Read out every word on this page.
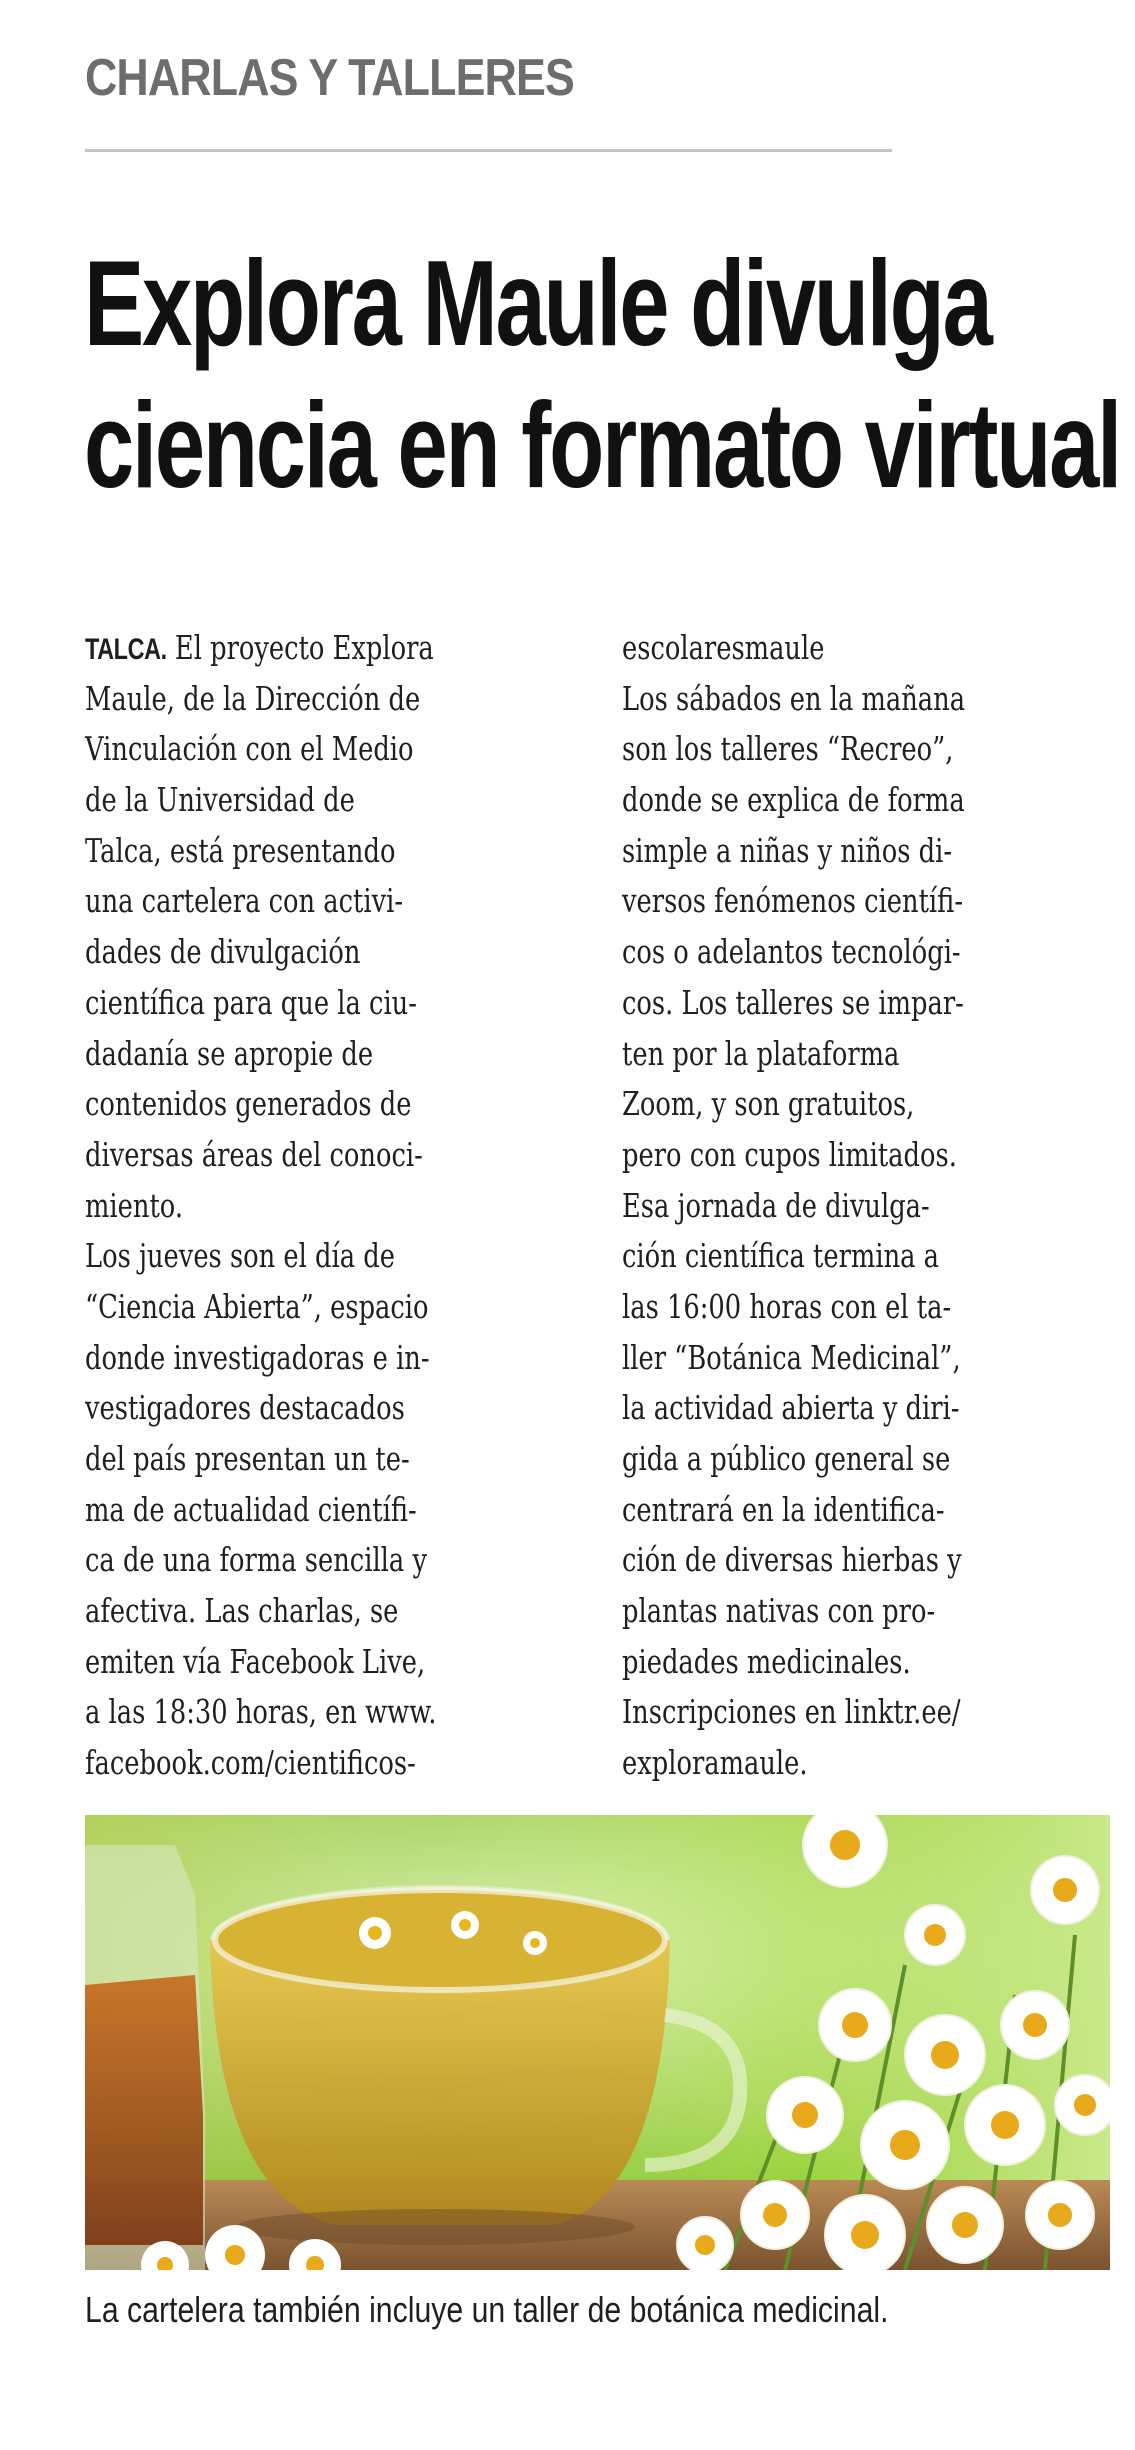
CHARLAS Y TALLERES
Explora Maule divulga
ciencia en formato virtual
TALCA. El proyecto Explora
Maule, de la Dirección de
Vinculación con el Medio
de la Universidad de
Talca, está presentando
una cartelera con activi-
dades de divulgación
científica para que la ciu-
dadanía se apropie de
contenidos generados de
diversas áreas del conoci-
miento.
Los jueves son el día de
“Ciencia Abierta”, espacio
donde investigadoras e in-
vestigadores destacados
del país presentan un te-
ma de actualidad científi-
ca de una forma sencilla y
afectiva. Las charlas, se
emiten vía Facebook Live,
a las 18:30 horas, en www.
facebook.com/cientificos-
escolaresmaule
Los sábados en la mañana
son los talleres “Recreo”,
donde se explica de forma
simple a niñas y niños di-
versos fenómenos científi-
cos o adelantos tecnológi-
cos. Los talleres se impar-
ten por la plataforma
Zoom, y son gratuitos,
pero con cupos limitados.
Esa jornada de divulga-
ción científica termina a
las 16:00 horas con el ta-
ller “Botánica Medicinal”,
la actividad abierta y diri-
gida a público general se
centrará en la identifica-
ción de diversas hierbas y
plantas nativas con pro-
piedades medicinales.
Inscripciones en linktr.ee/
exploramaule.
La cartelera también incluye un taller de botánica medicinal.
